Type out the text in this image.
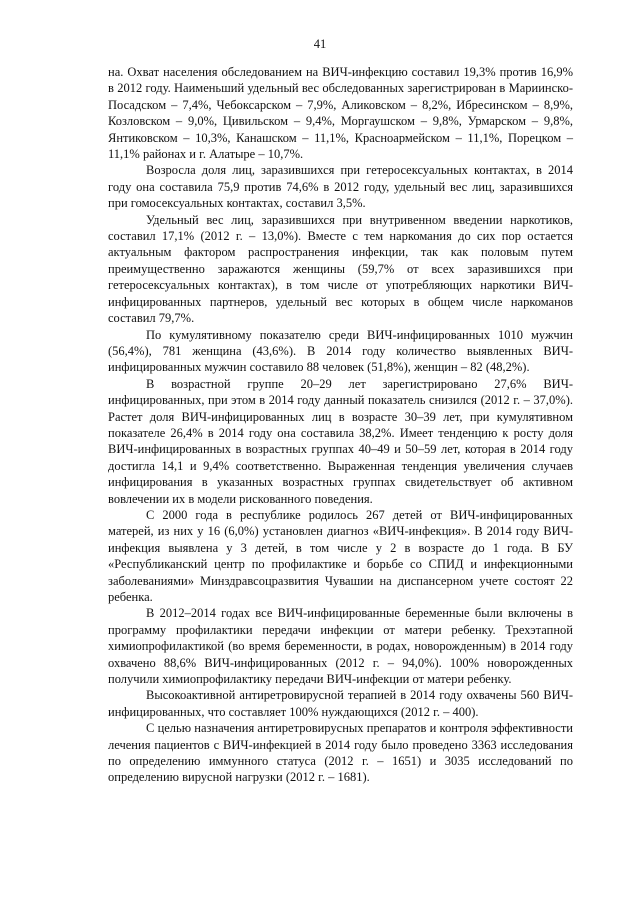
41

на. Охват населения обследованием на ВИЧ-инфекцию составил 19,3% против 16,9% в 2012 году. Наименьший удельный вес обследованных зарегистрирован в Мариинско-Посадском – 7,4%, Чебоксарском – 7,9%, Аликовском – 8,2%, Ибресинском – 8,9%, Козловском – 9,0%, Цивильском – 9,4%, Моргаушском – 9,8%, Урмарском – 9,8%, Янтиковском – 10,3%, Канашском – 11,1%, Красноармейском – 11,1%, Порецком – 11,1% районах и г. Алатыре – 10,7%.

Возросла доля лиц, заразившихся при гетеросексуальных контактах, в 2014 году она составила 75,9 против 74,6% в 2012 году, удельный вес лиц, заразившихся при гомосексуальных контактах, составил 3,5%.

Удельный вес лиц, заразившихся при внутривенном введении наркотиков, составил 17,1% (2012 г. – 13,0%). Вместе с тем наркомания до сих пор остается актуальным фактором распространения инфекции, так как половым путем преимущественно заражаются женщины (59,7% от всех заразившихся при гетеросексуальных контактах), в том числе от употребляющих наркотики ВИЧ-инфицированных партнеров, удельный вес которых в общем числе наркоманов составил 79,7%.

По кумулятивному показателю среди ВИЧ-инфицированных 1010 мужчин (56,4%), 781 женщина (43,6%). В 2014 году количество выявленных ВИЧ-инфицированных мужчин составило 88 человек (51,8%), женщин – 82 (48,2%).

В возрастной группе 20–29 лет зарегистрировано 27,6% ВИЧ-инфицированных, при этом в 2014 году данный показатель снизился (2012 г. – 37,0%). Растет доля ВИЧ-инфицированных лиц в возрасте 30–39 лет, при кумулятивном показателе 26,4% в 2014 году она составила 38,2%. Имеет тенденцию к росту доля ВИЧ-инфицированных в возрастных группах 40–49 и 50–59 лет, которая в 2014 году достигла 14,1 и 9,4% соответственно. Выраженная тенденция увеличения случаев инфицирования в указанных возрастных группах свидетельствует об активном вовлечении их в модели рискованного поведения.

С 2000 года в республике родилось 267 детей от ВИЧ-инфицированных матерей, из них у 16 (6,0%) установлен диагноз «ВИЧ-инфекция». В 2014 году ВИЧ-инфекция выявлена у 3 детей, в том числе у 2 в возрасте до 1 года. В БУ «Республиканский центр по профилактике и борьбе со СПИД и инфекционными заболеваниями» Минздравсоцразвития Чувашии на диспансерном учете состоят 22 ребенка.

В 2012–2014 годах все ВИЧ-инфицированные беременные были включены в программу профилактики передачи инфекции от матери ребенку. Трехэтапной химиопрофилактикой (во время беременности, в родах, новорожденным) в 2014 году охвачено 88,6% ВИЧ-инфицированных (2012 г. – 94,0%). 100% новорожденных получили химиопрофилактику передачи ВИЧ-инфекции от матери ребенку.

Высокоактивной антиретровирусной терапией в 2014 году охвачены 560 ВИЧ-инфицированных, что составляет 100% нуждающихся (2012 г. – 400).

С целью назначения антиретровирусных препаратов и контроля эффективности лечения пациентов с ВИЧ-инфекцией в 2014 году было проведено 3363 исследования по определению иммунного статуса (2012 г. – 1651) и 3035 исследований по определению вирусной нагрузки (2012 г. – 1681).
